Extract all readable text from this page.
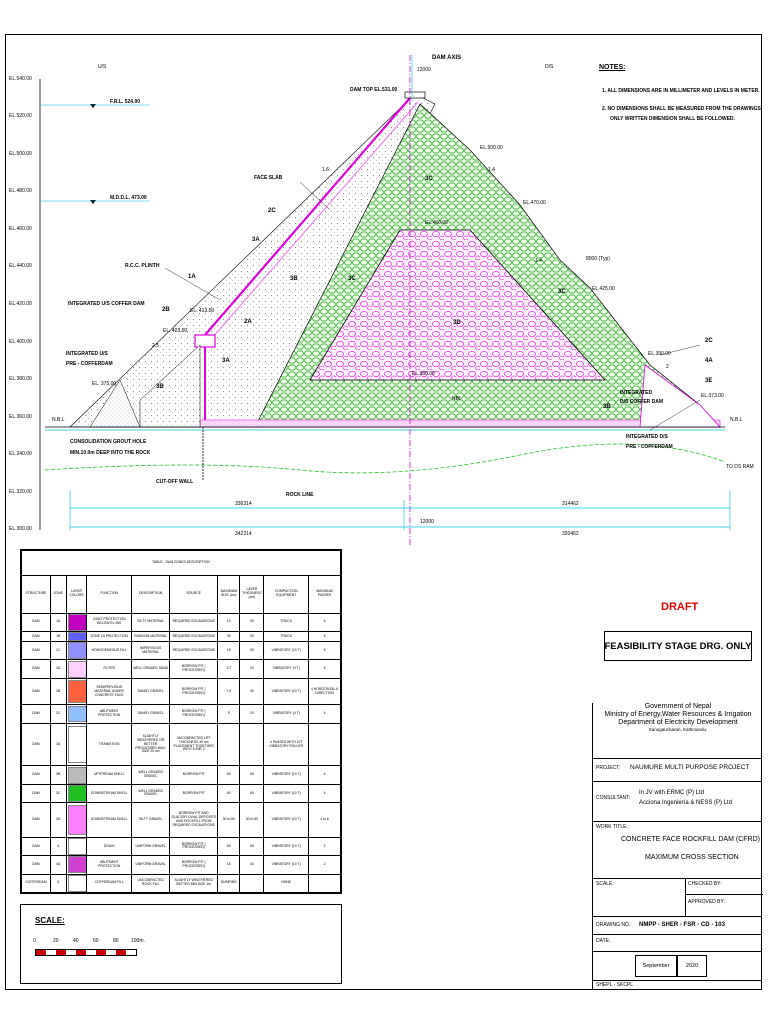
EL.540.00
EL.520.00
EL.500.00
EL.480.00
EL.460.00
EL.440.00
EL.420.00
EL.400.00
EL.380.00
EL.360.00
EL.340.00
EL.320.00
EL.300.00
DAM AXIS
12000
U/S	D/S
F.R.L. 524.00
M.D.D.L. 473.00
DAM TOP EL.531.00
FACE SLAB
R.C.C. PLINTH
INTEGRATED U/S COFFER DAM
INTEGRATED U/S
PRE - COFFERDAM
EL. 375.00
EL. 413.50
EL. 403.50
EL.500.00
EL.470.00
EL.460.00
EL.425.00
8000 (Typ)
EL.380.00
EL.390.00
EL.373.00
N.B.L	N.B.L
NBL
CONSOLIDATION GROUT HOLE
MIN.10.0m DEEP INTO THE ROCK
CUT-OFF WALL
ROCK LINE
INTEGRATED
D/S COFFER DAM
INTEGRATED D/S
PRE - COFFERDAM
TO DS RAM
336314	314462
12000
342314	320462
1A
2C
2A
2B
3A
3B
3B
3C
3C
3C
3D
2C
4A
3E
3A
3B
1.6	1.4
1.4
2.5
2
NOTES:
1. ALL DIMENSIONS ARE IN MILLIMETER AND LEVELS IN METER.
2. NO DIMENSIONS SHALL BE MEASURED FROM THE DRAWINGS
ONLY WRITTEN DIMENSION SHALL BE FOLLOWED.
DRAFT
FEASIBILITY STAGE DRG. ONLY
TABLE - DAM ZONES DESCRIPTION									
STRUCTURE	ZONE	LAYER COLORS	FUNCTION	DESCRIPTION	SOURCE	MAXIMUM SIZE (cm)	LAYER THICKNESS (cm)	COMPACTION EQUIPMENT	MAXIMUM PASSES
DAM	1A		JOINT PROTECTION BELOW EL.390	SILTY MATERIAL	REQUIRED EXCAVATIONS	10	30	TRUCK	6
DAM	1B		ZONE 1A PROTECTION	RANDOM MATERIAL	REQUIRED EXCAVATIONS	30	30	TRUCK	6
DAM	1C		HOMOGENEOUS FILL	IMPERVIOUS MATERIAL	REQUIRED EXCAVATIONS	15	30	VIBRATORY (10 T)	6
DAM	2A		FILTER	WELL GRADED SAND	BORROW PIT ( PROCESSED)	3.7	20	VIBRATORY (4 T)	6
DAM	2B		SEMIPERVIOUS MATERIAL UNDER CONCRETE FACE	SANDY GRAVEL	BORROW PIT ( PROCESSED)	7.5	40	VIBRATORY (10 T)	4 HORIZONTAL 6 DIRECTION
DAM	2C		ABUTMENT PROTECTION	SANDY GRAVEL	BORROW PIT ( PROCESSED)	5	20	VIBRATORY (4 T)	4
DAM	3A		TRANSITION	SLIGHTLY WEATHERED OR BETTER PROCESSED MAX. SIZE 20 cm	UNCOMPACTED LIFT THICKNESS 40 cm PLACEMENT TOGETHER WITH ZONE 2			4 PASSES WITH 10T VIBRATORY ROLLER	
DAM	3B		UPSTREAM SHELL	WELL GRADED GRAVEL	BORROW PIT	60	60	VIBRATORY (10 T)	4
DAM	3C		DOWNSTREAM SHELL	WELL GRADED GRAVEL	BORROW PIT	60	60	VIBRATORY (10 T)	4
DAM	3D		DOWNSTREAM SHELL	SILTY GRAVEL	BORROW PIT AND GLACIOFLUVIAL DEPOSITS AND ROCKFILL FROM REQUIRED EXCAVATIONS	30 to 60	30 to 60	VIBRATORY (10 T)	4 to 6
DAM	4		DRAIN	UNIFORM GRAVEL	BORROW PIT ( PROCESSED)	60	60	VIBRATORY (10 T)	2
DAM	4A		ABUTMENT PROTECTION	UNIFORM GRAVEL	BORROW PIT ( PROCESSED)	15	40	VIBRATORY (10 T)	2
COFFERDAM	5		COFFERDAM FILL	UNCOMPACTED ROCK FILL	SLIGHTLY WEATHERED BETTER MIN SIZE 1m	DUMPING		NONE	
SCALE:
0	20	40	60	80 100m.
Government of Nepal
Ministry of Energy,Water Resources & Irrigation
Department of Electricity Development
Sanogaucharan, Kathmandu.
PROJECT: NAUMURE MULTI PURPOSE PROJECT
CONSULTANT:
In JV with ERMC (P) Ltd
Acciona Ingeniería & NESS (P) Ltd
WORK TITLE:
CONCRETE FACE ROCKFILL DAM (CFRD)
MAXIMUM CROSS SECTION
SCALE:	CHECKED BY:
APPROVED BY:
DRAWING NO.: NMPP - SHER - FSR - CD - 103
DATE:
September	2020
SHEPL - SKCPL
